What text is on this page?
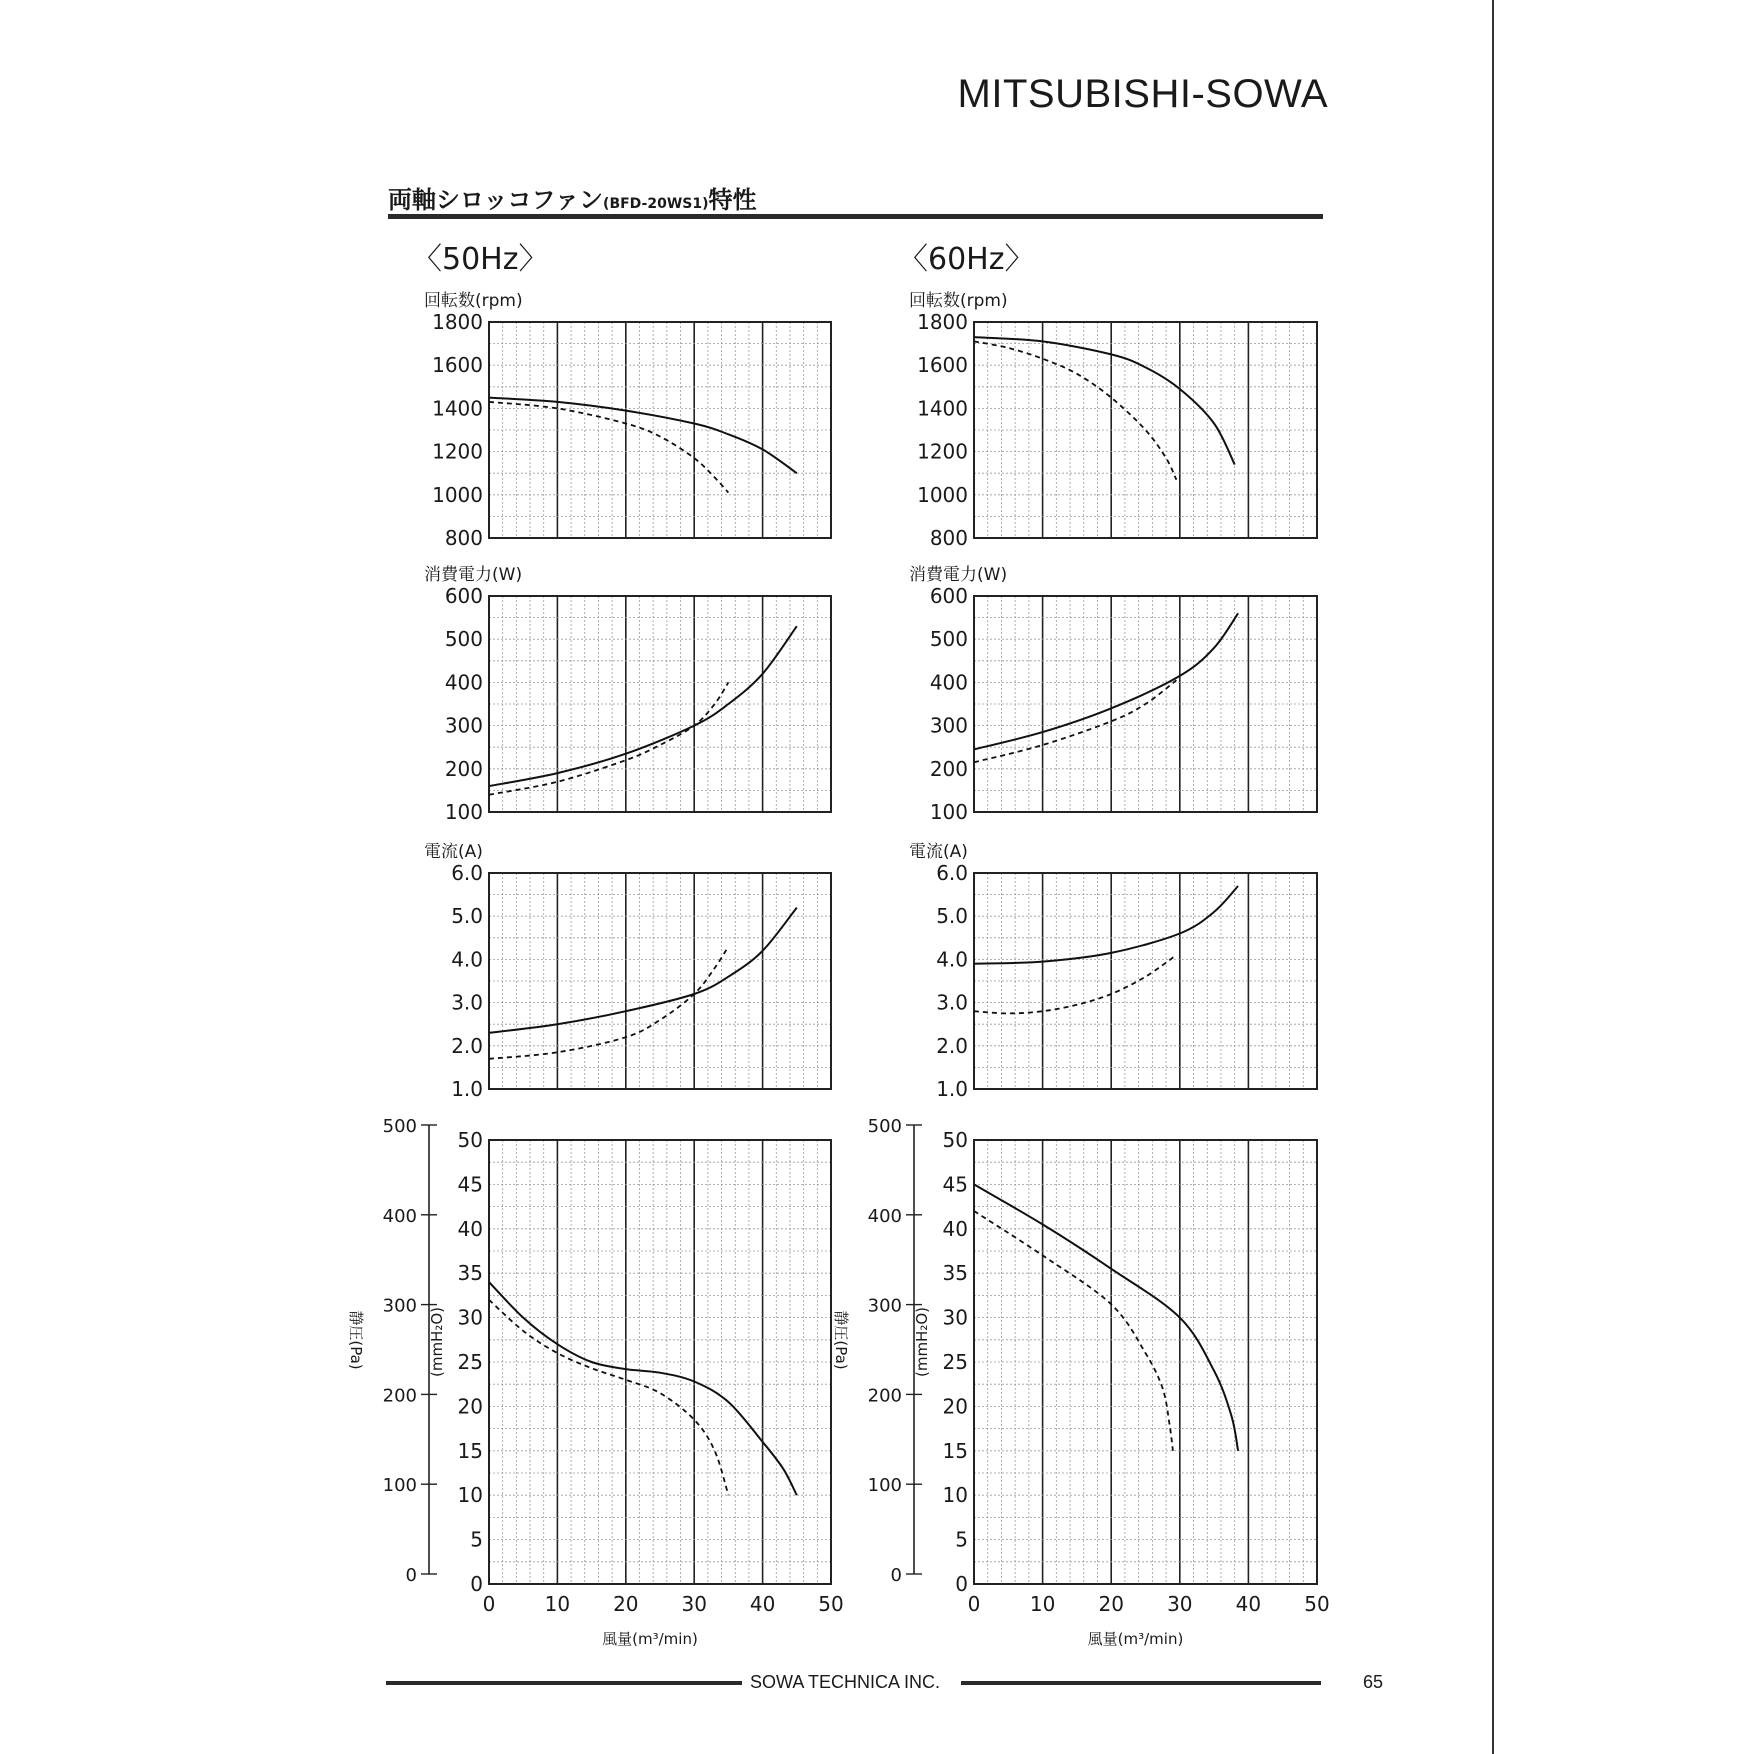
MITSUBISHI-SOWA
両軸シロッコファン(BFD-20WS1)特性
〈50Hz〉	〈60Hz〉
1800
1600
1400
1200
1000
800
回転数(rpm)
600
500
400
300
200
100
消費電力(W)
6.0
5.0
4.0
3.0
2.0
1.0
電流(A)
50
45
40
35
30
25
20
15
10
5
0
500
400
300
200
100
0
静圧(Pa)	(mmH₂O)
0 10 20 30 40 50
風量(m³/min)
1800
1600
1400
1200
1000
800
回転数(rpm)
600
500
400
300
200
100
消費電力(W)
6.0
5.0
4.0
3.0
2.0
1.0
電流(A)
50
45
40
35
30
25
20
15
10
5
0
500
400
300
200
100
0
静圧(Pa)	(mmH₂O)
0 10 20 30 40 50
風量(m³/min)
SOWA TECHNICA INC.	65
